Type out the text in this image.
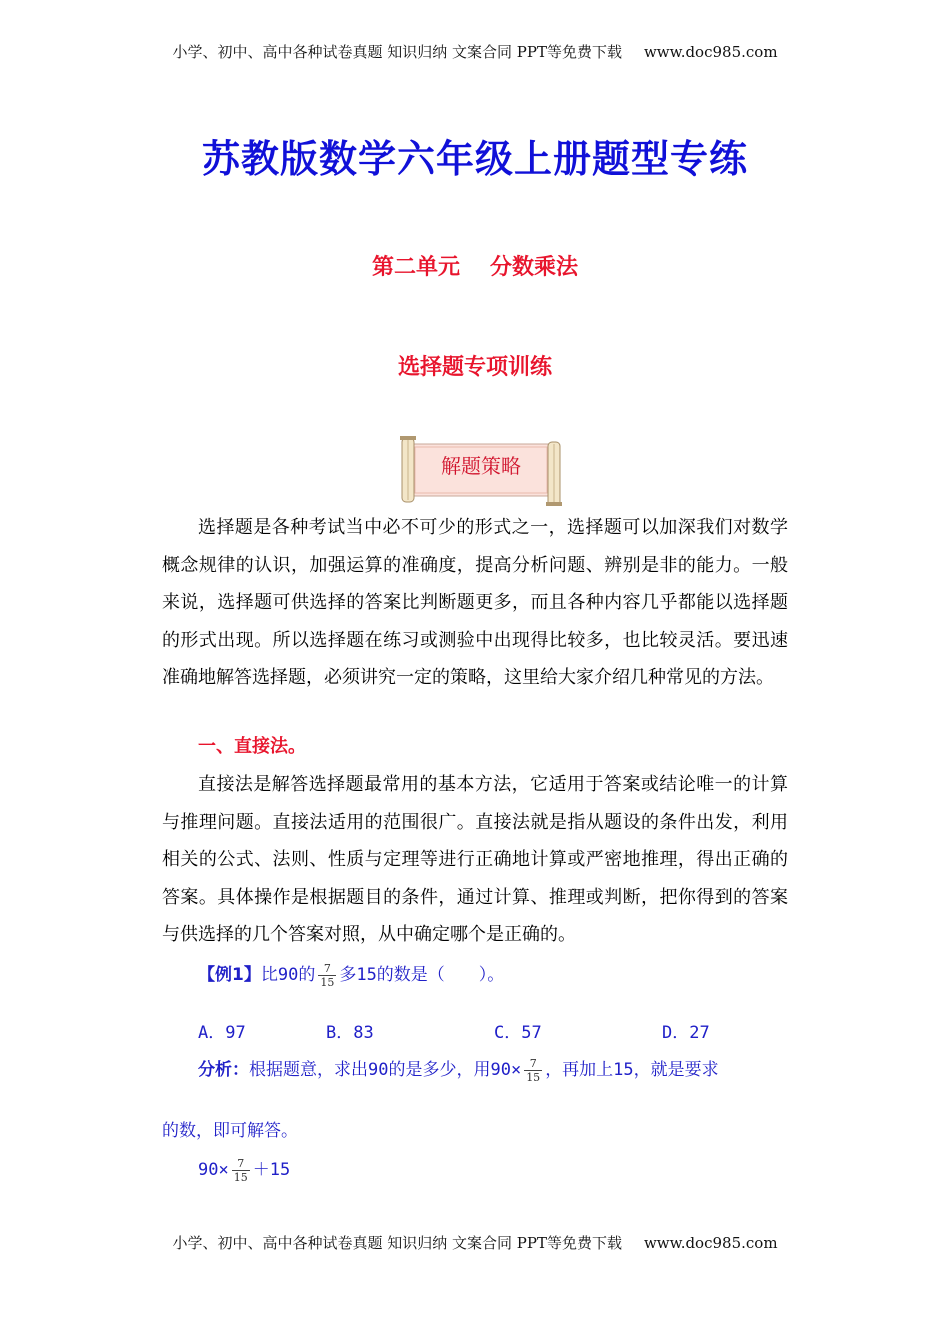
小学、初中、高中各种试卷真题 知识归纳 文案合同 PPT等免费下载 www.doc985.com
苏教版数学六年级上册题型专练
第二单元 分数乘法
选择题专项训练
解题策略

选择题是各种考试当中必不可少的形式之一，选择题可以加深我们对数学概念规律的认识，加强运算的准确度，提高分析问题、辨别是非的能力。一般来说，选择题可供选择的答案比判断题更多，而且各种内容几乎都能以选择题的形式出现。所以选择题在练习或测验中出现得比较多，也比较灵活。要迅速准确地解答选择题，必须讲究一定的策略，这里给大家介绍几种常见的方法。

一、直接法。

直接法是解答选择题最常用的基本方法，它适用于答案或结论唯一的计算与推理问题。直接法适用的范围很广。直接法就是指从题设的条件出发，利用相关的公式、法则、性质与定理等进行正确地计算或严密地推理，得出正确的答案。具体操作是根据题目的条件，通过计算、推理或判断，把你得到的答案与供选择的几个答案对照，从中确定哪个是正确的。

【例1】比90的 $\frac{7}{15}$ 多15的数是（　　）。
A．97	B．83	C．57	D．27
分析：根据题意，求出90的是多少，用$90\times \frac{7}{15}$ ，再加上15，就是要求
的数，即可解答。
$90\times \frac{7}{15} +15$
小学、初中、高中各种试卷真题 知识归纳 文案合同 PPT等免费下载 www.doc985.com
